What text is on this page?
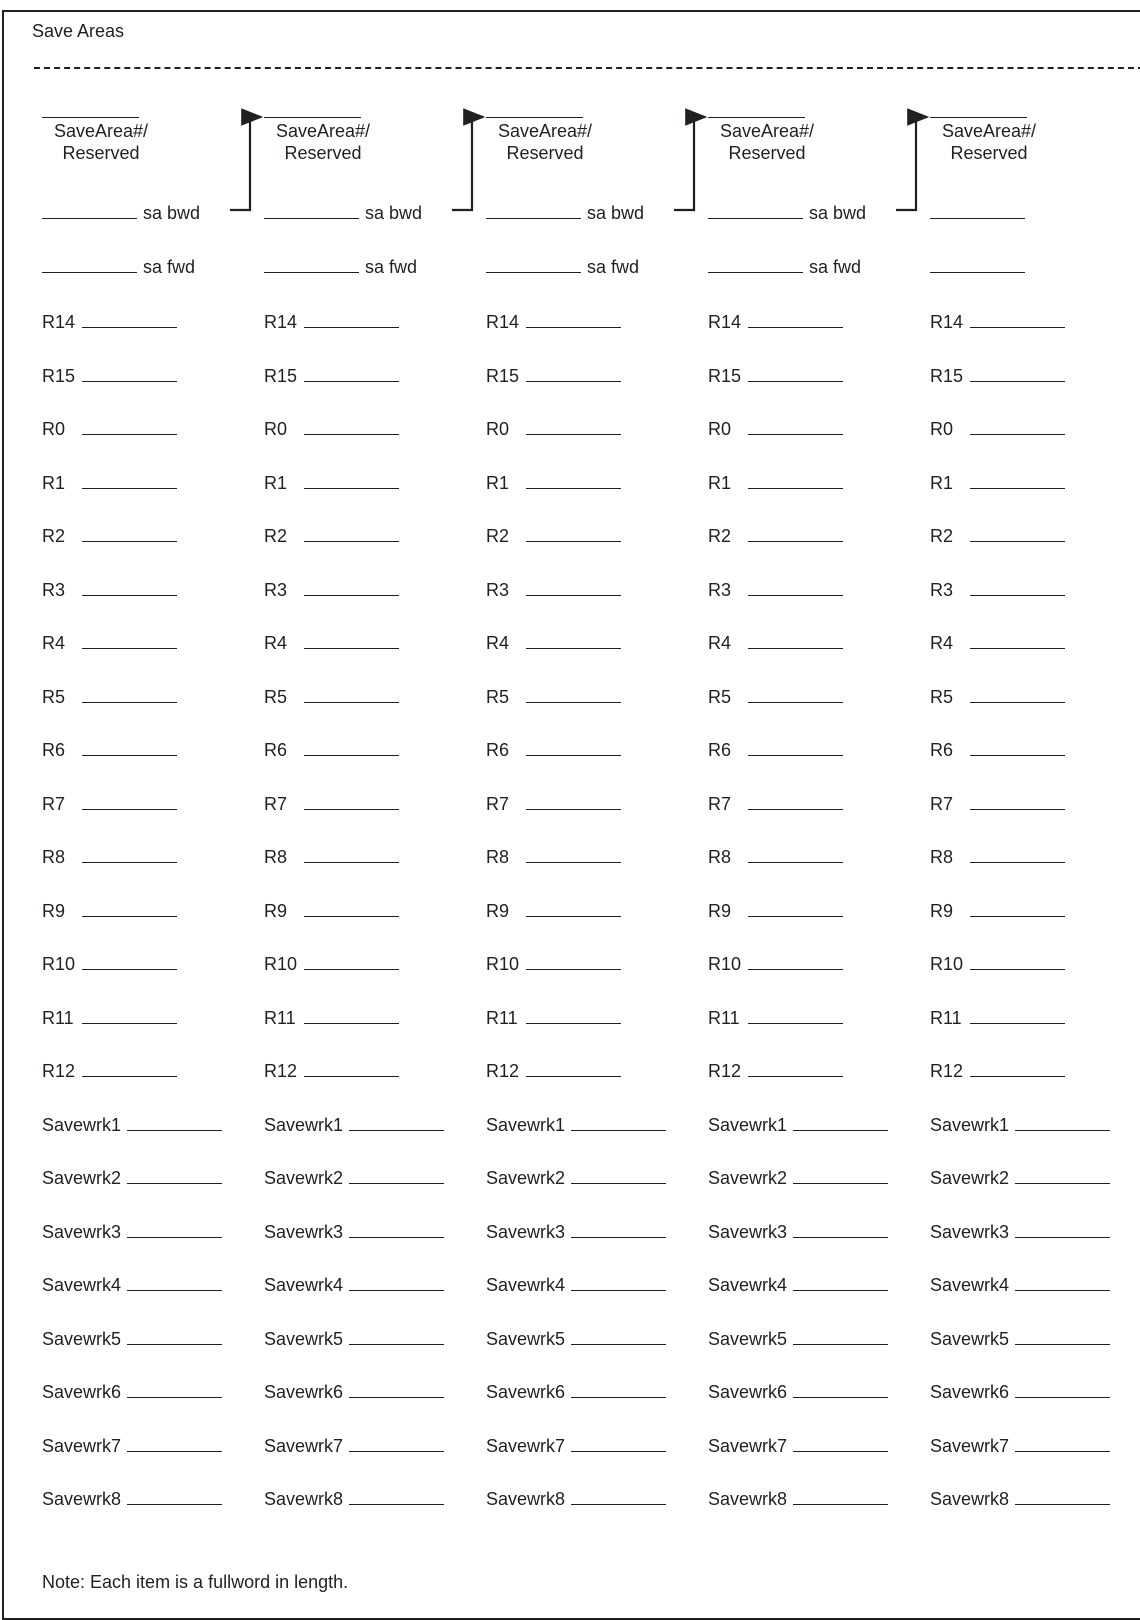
Save Areas
SaveArea#/
Reserved
sa bwd
sa fwd
R14
R15
R0
R1
R2
R3
R4
R5
R6
R7
R8
R9
R10
R11
R12
Savewrk1
Savewrk2
Savewrk3
Savewrk4
Savewrk5
Savewrk6
Savewrk7
Savewrk8
SaveArea#/
Reserved
sa bwd
sa fwd
R14
R15
R0
R1
R2
R3
R4
R5
R6
R7
R8
R9
R10
R11
R12
Savewrk1
Savewrk2
Savewrk3
Savewrk4
Savewrk5
Savewrk6
Savewrk7
Savewrk8
SaveArea#/
Reserved
sa bwd
sa fwd
R14
R15
R0
R1
R2
R3
R4
R5
R6
R7
R8
R9
R10
R11
R12
Savewrk1
Savewrk2
Savewrk3
Savewrk4
Savewrk5
Savewrk6
Savewrk7
Savewrk8
SaveArea#/
Reserved
sa bwd
sa fwd
R14
R15
R0
R1
R2
R3
R4
R5
R6
R7
R8
R9
R10
R11
R12
Savewrk1
Savewrk2
Savewrk3
Savewrk4
Savewrk5
Savewrk6
Savewrk7
Savewrk8
SaveArea#/
Reserved
R14
R15
R0
R1
R2
R3
R4
R5
R6
R7
R8
R9
R10
R11
R12
Savewrk1
Savewrk2
Savewrk3
Savewrk4
Savewrk5
Savewrk6
Savewrk7
Savewrk8
Note: Each item is a fullword in length.
